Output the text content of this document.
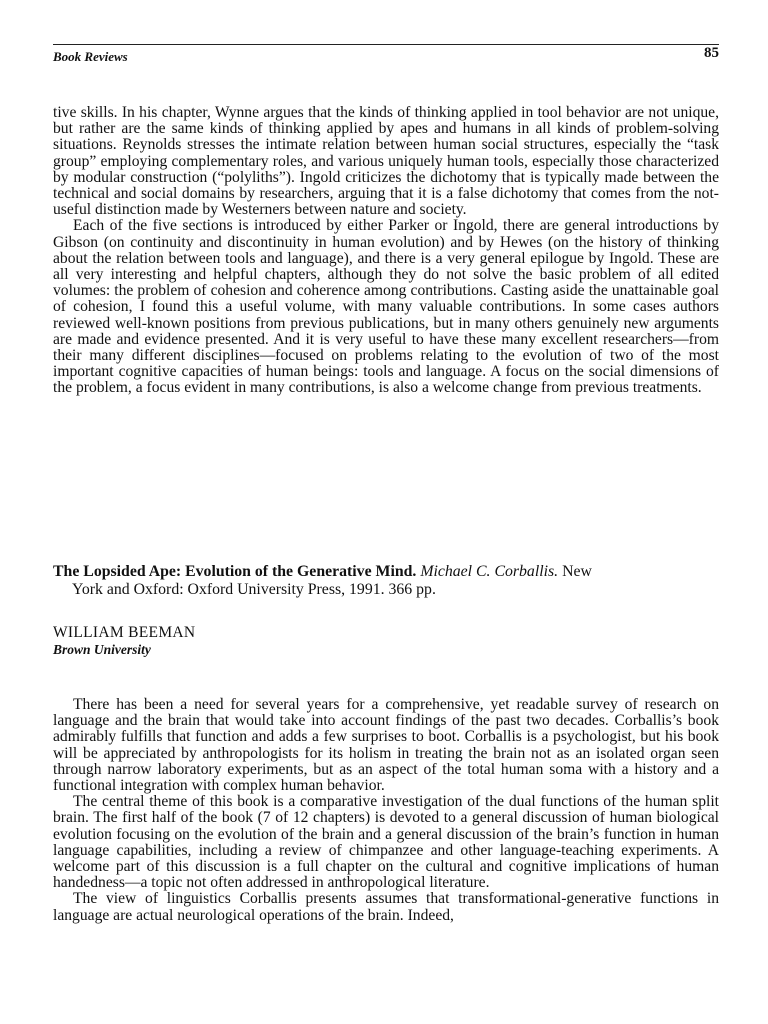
Book Reviews	85

tive skills. In his chapter, Wynne argues that the kinds of thinking applied in tool behavior are not unique, but rather are the same kinds of thinking applied by apes and humans in all kinds of problem-solving situations. Reynolds stresses the intimate relation between human social structures, especially the “task group” employing complementary roles, and various uniquely human tools, especially those characterized by modular construction (“polyliths”). Ingold criticizes the dichotomy that is typically made between the technical and social domains by researchers, arguing that it is a false dichotomy that comes from the not-useful distinction made by Westerners between nature and society.

Each of the five sections is introduced by either Parker or Ingold, there are general introductions by Gibson (on continuity and discontinuity in human evolution) and by Hewes (on the history of thinking about the relation between tools and language), and there is a very general epilogue by Ingold. These are all very interesting and helpful chapters, although they do not solve the basic problem of all edited volumes: the problem of cohesion and coherence among contributions. Casting aside the unattainable goal of cohesion, I found this a useful volume, with many valuable contributions. In some cases authors reviewed well-known positions from previous publications, but in many others genuinely new arguments are made and evidence presented. And it is very useful to have these many excellent researchers—from their many different disciplines—focused on problems relating to the evolution of two of the most important cognitive capacities of human beings: tools and language. A focus on the social dimensions of the problem, a focus evident in many contributions, is also a welcome change from previous treatments.

The Lopsided Ape: Evolution of the Generative Mind. Michael C. Corballis. New
York and Oxford: Oxford University Press, 1991. 366 pp.
WILLIAM BEEMAN
Brown University

There has been a need for several years for a comprehensive, yet readable survey of research on language and the brain that would take into account findings of the past two decades. Corballis’s book admirably fulfills that function and adds a few surprises to boot. Corballis is a psychologist, but his book will be appreciated by anthropologists for its holism in treating the brain not as an isolated organ seen through narrow laboratory experiments, but as an aspect of the total human soma with a history and a functional integration with complex human behavior.

The central theme of this book is a comparative investigation of the dual functions of the human split brain. The first half of the book (7 of 12 chapters) is devoted to a general discussion of human biological evolution focusing on the evolution of the brain and a general discussion of the brain’s function in human language capabilities, including a review of chimpanzee and other language-teaching experiments. A welcome part of this discussion is a full chapter on the cultural and cognitive implications of human handedness—a topic not often addressed in anthropological literature.

The view of linguistics Corballis presents assumes that transformational-generative functions in language are actual neurological operations of the brain. Indeed,
